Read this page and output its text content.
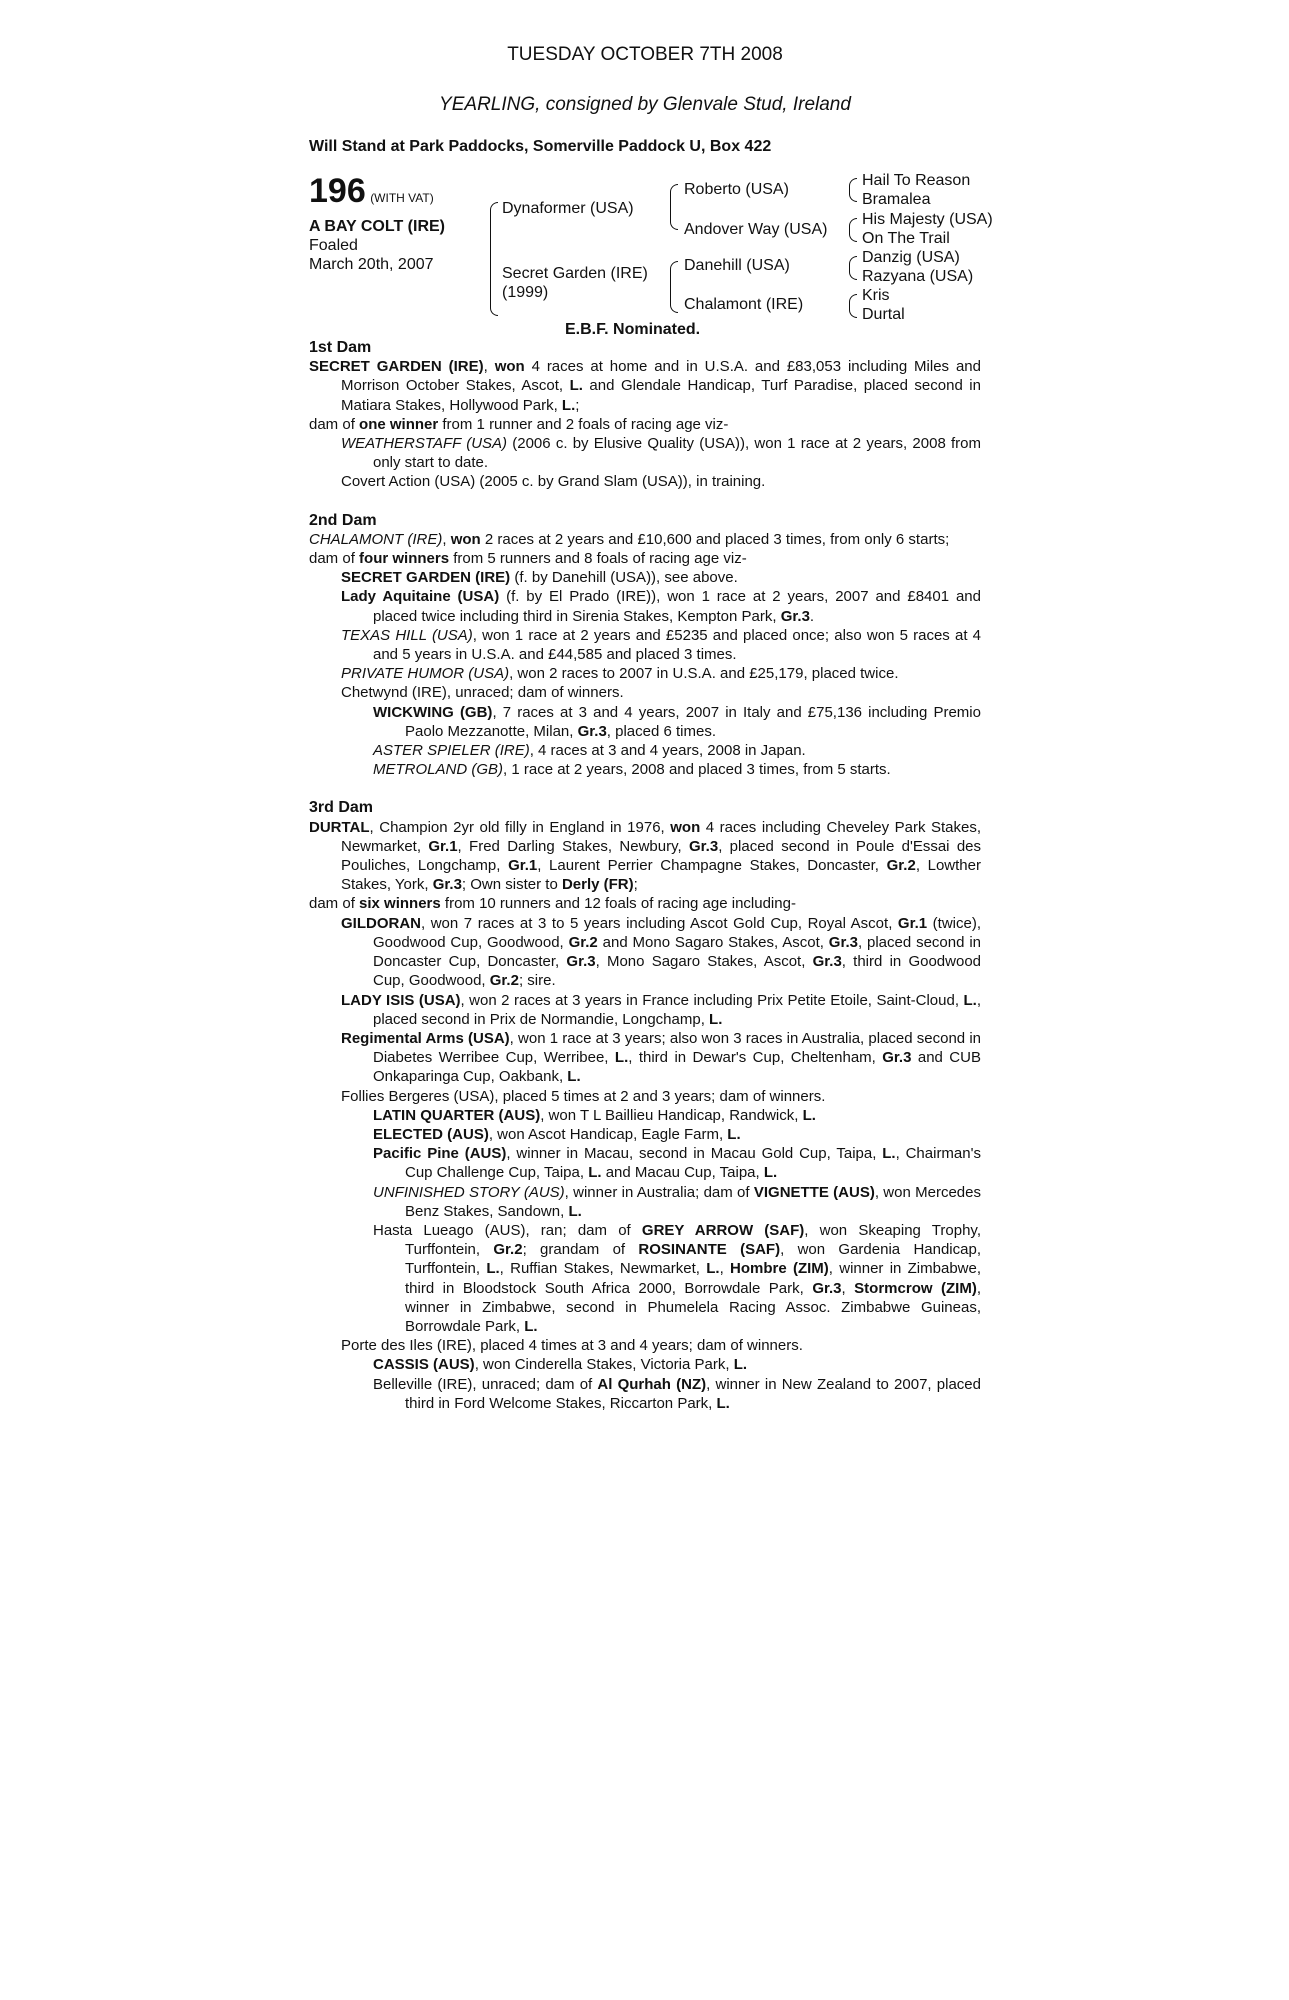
TUESDAY OCTOBER 7TH 2008
YEARLING, consigned by Glenvale Stud, Ireland
Will Stand at Park Paddocks, Somerville Paddock U, Box 422
196 (WITH VAT)
A BAY COLT (IRE)
Foaled
March 20th, 2007
Dynaformer (USA)
Secret Garden (IRE)
(1999)
Roberto (USA)
Andover Way (USA)
Danehill (USA)
Chalamont (IRE)
Hail To Reason
Bramalea
His Majesty (USA)
On The Trail
Danzig (USA)
Razyana (USA)
Kris
Durtal
E.B.F. Nominated.
1st Dam

SECRET GARDEN (IRE), won 4 races at home and in U.S.A. and £83,053 including Miles and Morrison October Stakes, Ascot, L. and Glendale Handicap, Turf Paradise, placed second in Matiara Stakes, Hollywood Park, L.;

dam of one winner from 1 runner and 2 foals of racing age viz-

WEATHERSTAFF (USA) (2006 c. by Elusive Quality (USA)), won 1 race at 2 years, 2008 from only start to date.

Covert Action (USA) (2005 c. by Grand Slam (USA)), in training.

2nd Dam

CHALAMONT (IRE), won 2 races at 2 years and £10,600 and placed 3 times, from only 6 starts;

dam of four winners from 5 runners and 8 foals of racing age viz-

SECRET GARDEN (IRE) (f. by Danehill (USA)), see above.

Lady Aquitaine (USA) (f. by El Prado (IRE)), won 1 race at 2 years, 2007 and £8401 and placed twice including third in Sirenia Stakes, Kempton Park, Gr.3.

TEXAS HILL (USA), won 1 race at 2 years and £5235 and placed once; also won 5 races at 4 and 5 years in U.S.A. and £44,585 and placed 3 times.

PRIVATE HUMOR (USA), won 2 races to 2007 in U.S.A. and £25,179, placed twice.

Chetwynd (IRE), unraced; dam of winners.

WICKWING (GB), 7 races at 3 and 4 years, 2007 in Italy and £75,136 including Premio Paolo Mezzanotte, Milan, Gr.3, placed 6 times.

ASTER SPIELER (IRE), 4 races at 3 and 4 years, 2008 in Japan.

METROLAND (GB), 1 race at 2 years, 2008 and placed 3 times, from 5 starts.

3rd Dam

DURTAL, Champion 2yr old filly in England in 1976, won 4 races including Cheveley Park Stakes, Newmarket, Gr.1, Fred Darling Stakes, Newbury, Gr.3, placed second in Poule d'Essai des Pouliches, Longchamp, Gr.1, Laurent Perrier Champagne Stakes, Doncaster, Gr.2, Lowther Stakes, York, Gr.3; Own sister to Derly (FR);

dam of six winners from 10 runners and 12 foals of racing age including-

GILDORAN, won 7 races at 3 to 5 years including Ascot Gold Cup, Royal Ascot, Gr.1 (twice), Goodwood Cup, Goodwood, Gr.2 and Mono Sagaro Stakes, Ascot, Gr.3, placed second in Doncaster Cup, Doncaster, Gr.3, Mono Sagaro Stakes, Ascot, Gr.3, third in Goodwood Cup, Goodwood, Gr.2; sire.

LADY ISIS (USA), won 2 races at 3 years in France including Prix Petite Etoile, Saint-Cloud, L., placed second in Prix de Normandie, Longchamp, L.

Regimental Arms (USA), won 1 race at 3 years; also won 3 races in Australia, placed second in Diabetes Werribee Cup, Werribee, L., third in Dewar's Cup, Cheltenham, Gr.3 and CUB Onkaparinga Cup, Oakbank, L.

Follies Bergeres (USA), placed 5 times at 2 and 3 years; dam of winners.

LATIN QUARTER (AUS), won T L Baillieu Handicap, Randwick, L.

ELECTED (AUS), won Ascot Handicap, Eagle Farm, L.

Pacific Pine (AUS), winner in Macau, second in Macau Gold Cup, Taipa, L., Chairman's Cup Challenge Cup, Taipa, L. and Macau Cup, Taipa, L.

UNFINISHED STORY (AUS), winner in Australia; dam of VIGNETTE (AUS), won Mercedes Benz Stakes, Sandown, L.

Hasta Lueago (AUS), ran; dam of GREY ARROW (SAF), won Skeaping Trophy, Turffontein, Gr.2; grandam of ROSINANTE (SAF), won Gardenia Handicap, Turffontein, L., Ruffian Stakes, Newmarket, L., Hombre (ZIM), winner in Zimbabwe, third in Bloodstock South Africa 2000, Borrowdale Park, Gr.3, Stormcrow (ZIM), winner in Zimbabwe, second in Phumelela Racing Assoc. Zimbabwe Guineas, Borrowdale Park, L.

Porte des Iles (IRE), placed 4 times at 3 and 4 years; dam of winners.

CASSIS (AUS), won Cinderella Stakes, Victoria Park, L.

Belleville (IRE), unraced; dam of Al Qurhah (NZ), winner in New Zealand to 2007, placed third in Ford Welcome Stakes, Riccarton Park, L.
